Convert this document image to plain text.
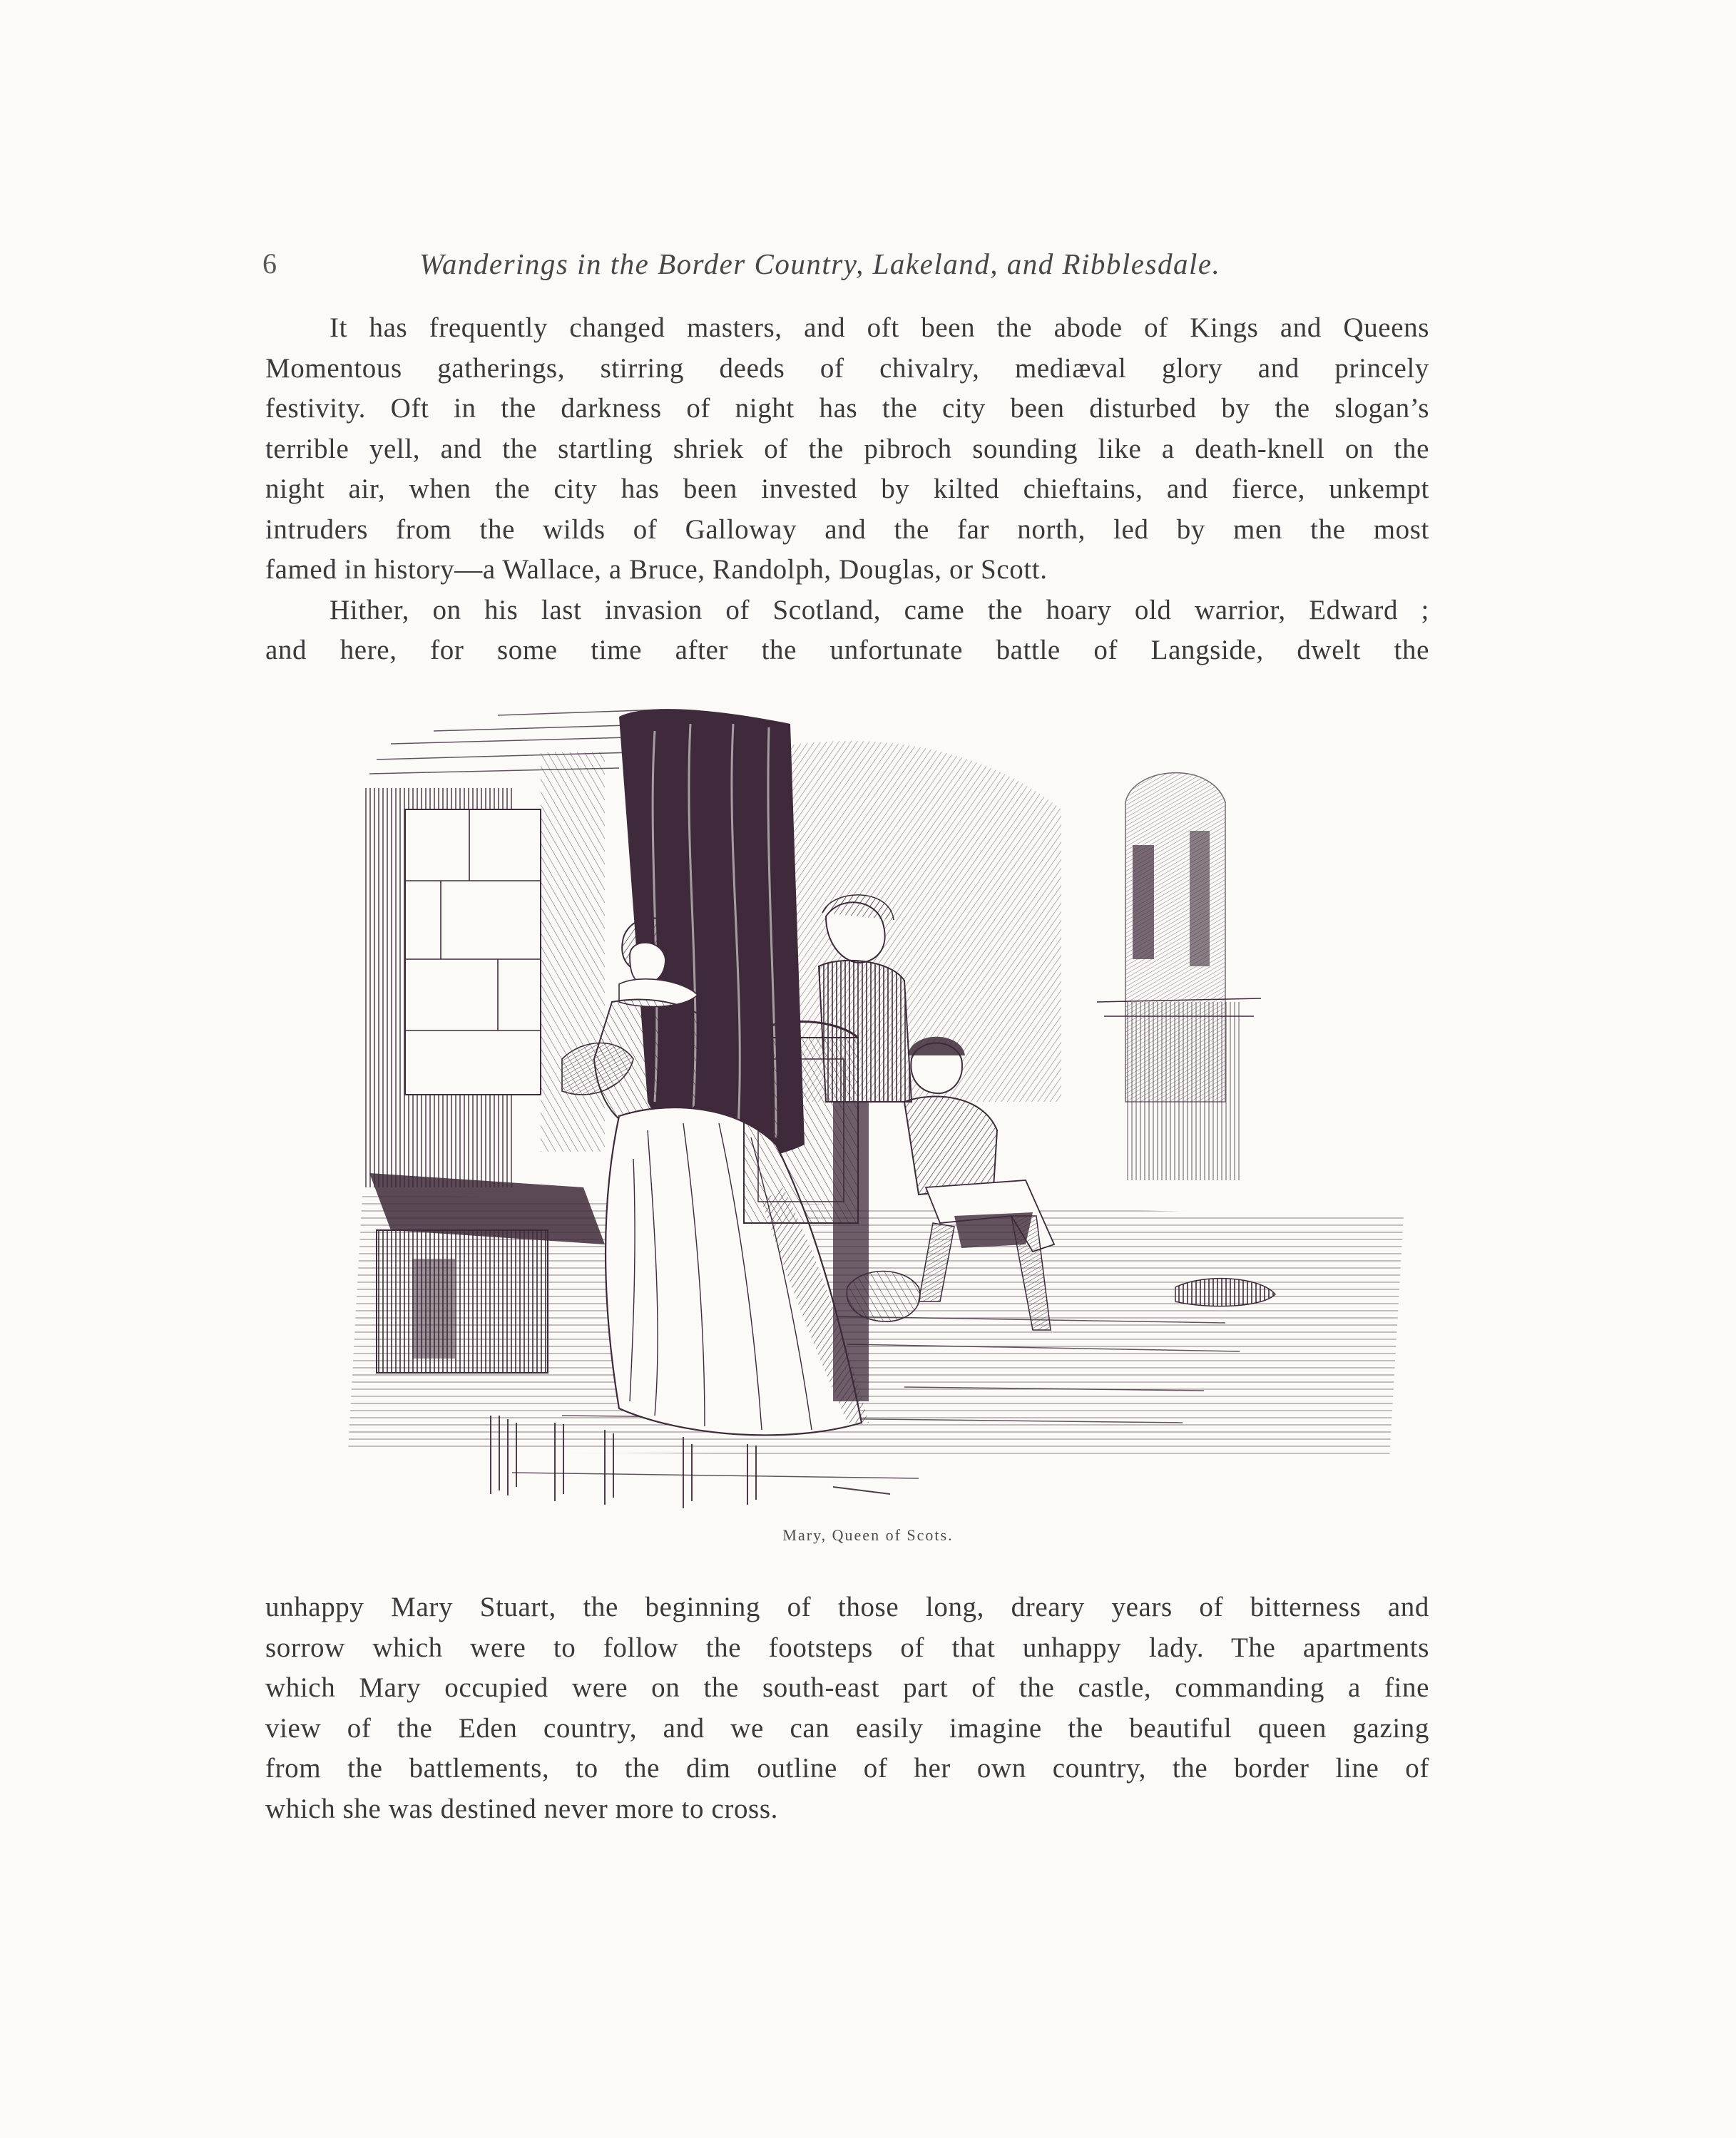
6	Wanderings in the Border Country, Lakeland, and Ribblesdale.
It has frequently changed masters, and oft been the abode of Kings and Queens
Momentous gatherings, stirring deeds of chivalry, mediæval glory and princely
festivity. Oft in the darkness of night has the city been disturbed by the slogan’s
terrible yell, and the startling shriek of the pibroch sounding like a death-knell on the
night air, when the city has been invested by kilted chieftains, and fierce, unkempt
intruders from the wilds of Galloway and the far north, led by men the most
famed in history—a Wallace, a Bruce, Randolph, Douglas, or Scott.
Hither, on his last invasion of Scotland, came the hoary old warrior, Edward ;
and here, for some time after the unfortunate battle of Langside, dwelt the
Mary, Queen of Scots.
unhappy Mary Stuart, the beginning of those long, dreary years of bitterness and
sorrow which were to follow the footsteps of that unhappy lady. The apartments
which Mary occupied were on the south-east part of the castle, commanding a fine
view of the Eden country, and we can easily imagine the beautiful queen gazing
from the battlements, to the dim outline of her own country, the border line of
which she was destined never more to cross.
